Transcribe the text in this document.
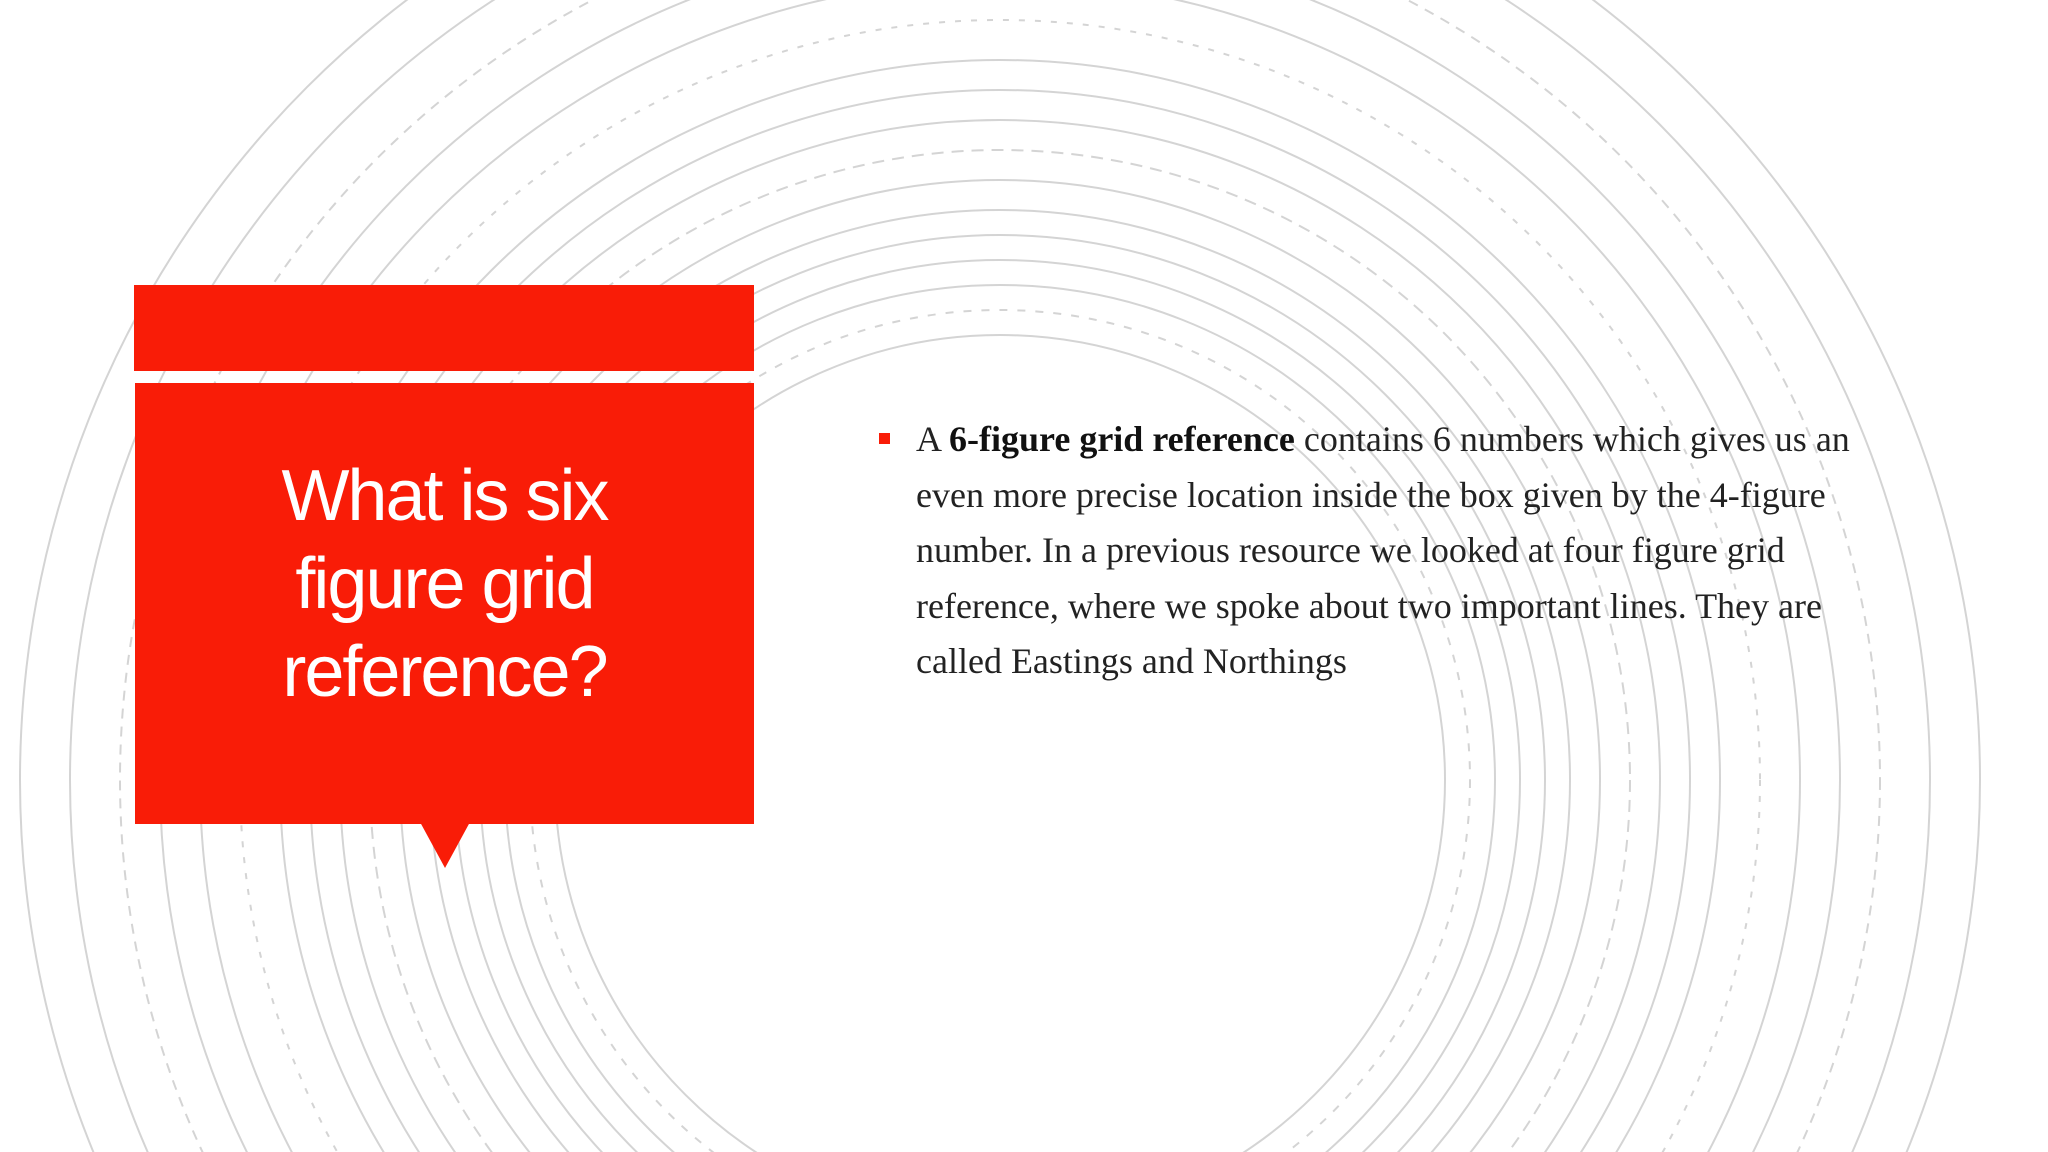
What is six figure grid reference?
A 6-figure grid reference contains 6 numbers which gives us an even more precise location inside the box given by the 4-figure number. In a previous resource we looked at four figure grid reference, where we spoke about two important lines. They are called Eastings and Northings
